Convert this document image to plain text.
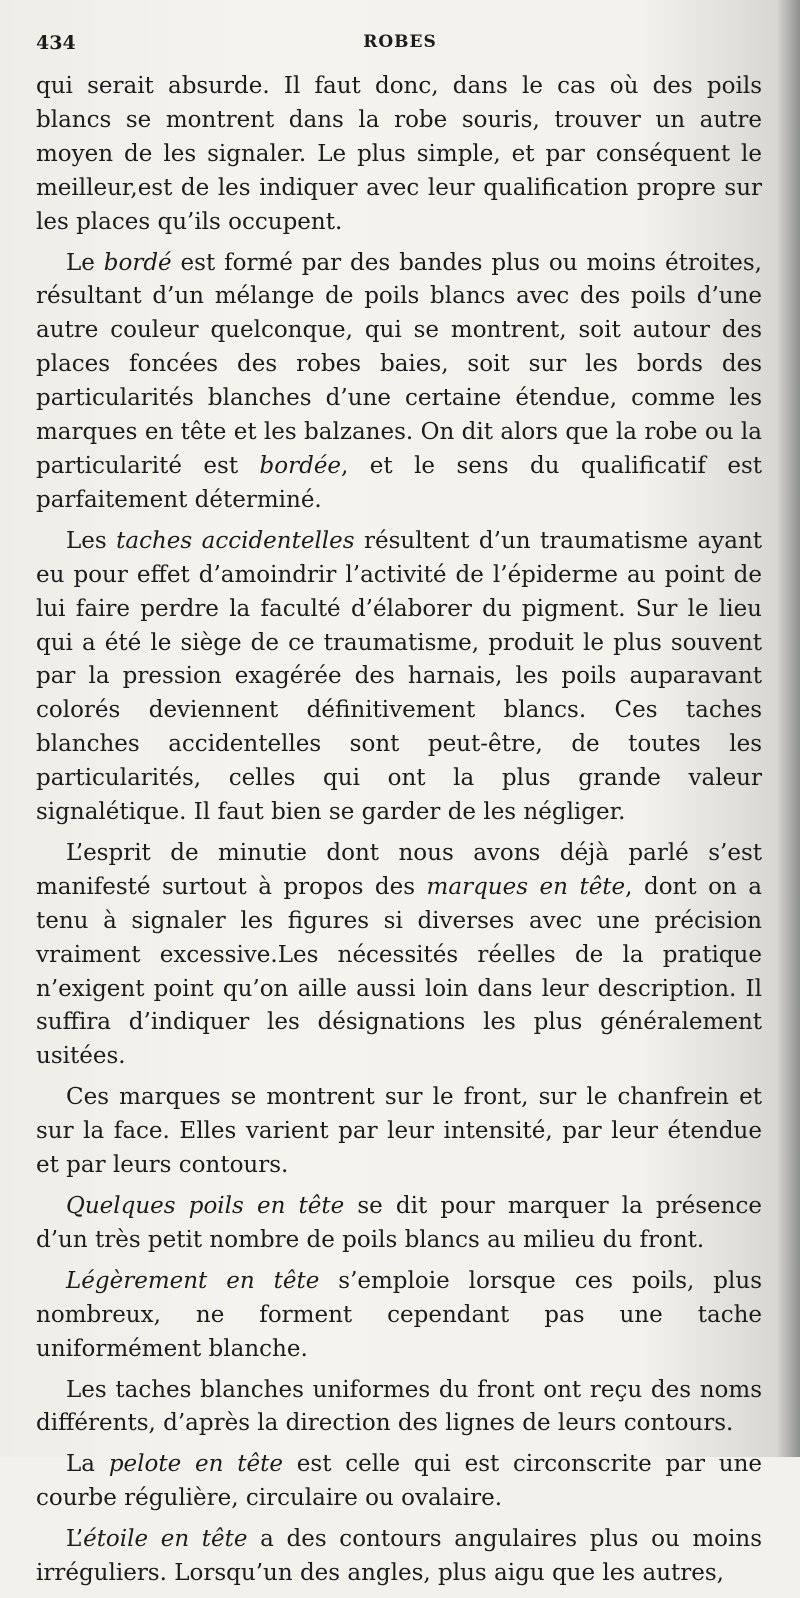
434	ROBES

qui serait absurde. Il faut donc, dans le cas où des poils blancs se montrent dans la robe souris, trouver un autre moyen de les signaler. Le plus simple, et par conséquent le meilleur,est de les indiquer avec leur qualification propre sur les places qu’ils occupent.

Le bordé est formé par des bandes plus ou moins étroites, résultant d’un mélange de poils blancs avec des poils d’une autre couleur quelconque, qui se montrent, soit autour des places foncées des robes baies, soit sur les bords des particularités blanches d’une certaine étendue, comme les marques en tête et les balzanes. On dit alors que la robe ou la particularité est bordée, et le sens du qualificatif est parfaitement déterminé.

Les taches accidentelles résultent d’un traumatisme ayant eu pour effet d’amoindrir l’activité de l’épiderme au point de lui faire perdre la faculté d’élaborer du pigment. Sur le lieu qui a été le siège de ce traumatisme, produit le plus souvent par la pression exagérée des harnais, les poils auparavant colorés deviennent définitivement blancs. Ces taches blanches accidentelles sont peut-être, de toutes les particularités, celles qui ont la plus grande valeur signalétique. Il faut bien se garder de les négliger.

L’esprit de minutie dont nous avons déjà parlé s’est manifesté surtout à propos des marques en tête, dont on a tenu à signaler les figures si diverses avec une précision vraiment excessive.Les nécessités réelles de la pratique n’exigent point qu’on aille aussi loin dans leur description. Il suffira d’indiquer les désignations les plus généralement usitées.

Ces marques se montrent sur le front, sur le chanfrein et sur la face. Elles varient par leur intensité, par leur étendue et par leurs contours.

Quelques poils en tête se dit pour marquer la présence d’un très petit nombre de poils blancs au milieu du front.

Légèrement en tête s’emploie lorsque ces poils, plus nombreux, ne forment cependant pas une tache uniformément blanche.

Les taches blanches uniformes du front ont reçu des noms différents, d’après la direction des lignes de leurs contours.

La pelote en tête est celle qui est circonscrite par une courbe régulière, circulaire ou ovalaire.

L’étoile en tête a des contours angulaires plus ou moins irréguliers. Lorsqu’un des angles, plus aigu que les autres,
